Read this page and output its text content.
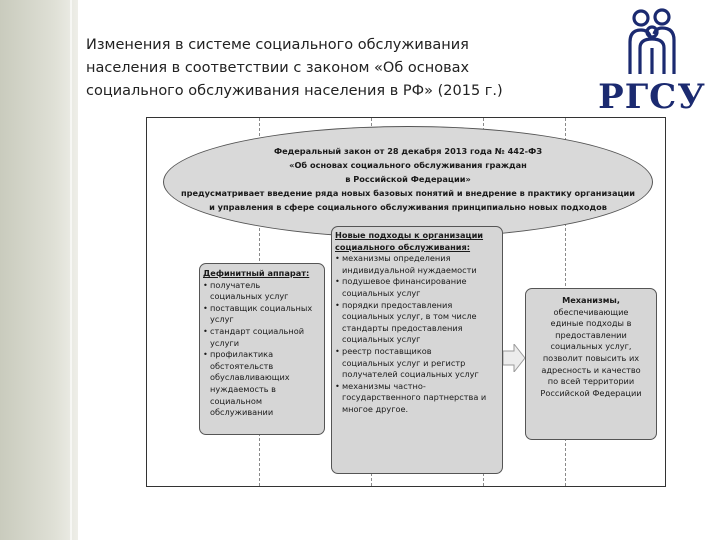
Изменения в системе социального обслуживания
населения в соответствии с законом «Об основах
социального обслуживания населения в РФ» (2015 г.)	РГСУ
Федеральный закон от 28 декабря 2013 года № 442-ФЗ
«Об основах социального обслуживания граждан
в Российской Федерации»
предусматривает введение ряда новых базовых понятий и внедрение в практику организации
и управления в сфере социального обслуживания принципиально новых подходов
Дефинитный аппарат:
• получатель
социальных услуг
• поставщик социальных
услуг
• стандарт социальной
услуги
• профилактика
обстоятельств
обуславливающих
нуждаемость в
социальном
обслуживании
Новые подходы к организации
социального обслуживания:
• механизмы определения
индивидуальной нуждаемости
• подушевое финансирование
социальных услуг
• порядки предоставления
социальных услуг, в том числе
стандарты предоставления
социальных услуг
• реестр поставщиков
социальных услуг и регистр
получателей социальных услуг
• механизмы частно-
государственного партнерства и
многое другое.
Механизмы,
обеспечивающие
единые подходы в
предоставлении
социальных услуг,
позволит повысить их
адресность и качество
по всей территории
Российской Федерации
